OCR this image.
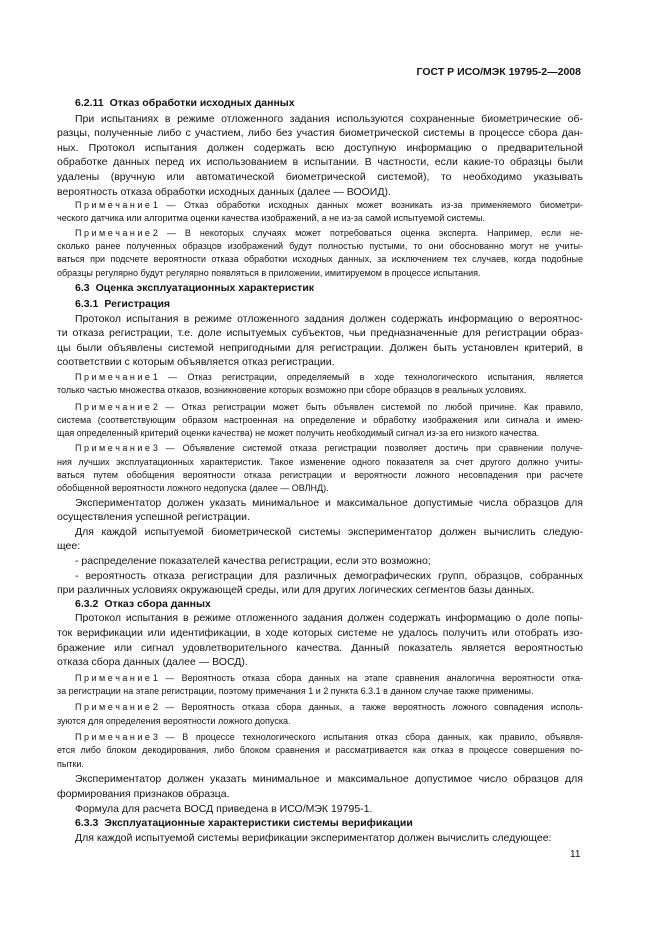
ГОСТ Р ИСО/МЭК 19795-2—2008
6.2.11 Отказ обработки исходных данных
При испытаниях в режиме отложенного задания используются сохраненные биометрические об-
разцы, полученные либо с участием, либо без участия биометрической системы в процессе сбора дан-
ных. Протокол испытания должен содержать всю доступную информацию о предварительной
обработке данных перед их использованием в испытании. В частности, если какие-то образцы были
удалены (вручную или автоматической биометрической системой), то необходимо указывать
вероятность отказа обработки исходных данных (далее — ВООИД).
П р и м е ч а н и е 1 — Отказ обработки исходных данных может возникать из-за применяемого биометри-
ческого датчика или алгоритма оценки качества изображений, а не из-за самой испытуемой системы.
П р и м е ч а н и е 2 — В некоторых случаях может потребоваться оценка эксперта. Например, если не-
сколько ранее полученных образцов изображений будут полностью пустыми, то они обоснованно могут не учиты-
ваться при подсчете вероятности отказа обработки исходных данных, за исключением тех случаев, когда подобные
образцы регулярно будут регулярно появляться в приложении, имитируемом в процессе испытания.
6.3 Оценка эксплуатационных характеристик
6.3.1 Регистрация
Протокол испытания в режиме отложенного задания должен содержать информацию о вероятнос-
ти отказа регистрации, т.е. доле испытуемых субъектов, чьи предназначенные для регистрации образ-
цы были объявлены системой непригодными для регистрации. Должен быть установлен критерий, в
соответствии с которым объявляется отказ регистрации.
П р и м е ч а н и е 1 — Отказ регистрации, определяемый в ходе технологического испытания, является
только частью множества отказов, возникновение которых возможно при сборе образцов в реальных условиях.
П р и м е ч а н и е 2 — Отказ регистрации может быть объявлен системой по любой причине. Как правило,
система (соответствующим образом настроенная на определение и обработку изображения или сигнала и имею-
щая определенный критерий оценки качества) не может получить необходимый сигнал из-за его низкого качества.
П р и м е ч а н и е 3 — Объявление системой отказа регистрации позволяет достичь при сравнении получе-
ния лучших эксплуатационных характеристик. Такое изменение одного показателя за счет другого должно учиты-
ваться путем обобщения вероятности отказа регистрации и вероятности ложного несовпадения при расчете
обобщенной вероятности ложного недопуска (далее — ОВЛНД).
Экспериментатор должен указать минимальное и максимальное допустимые числа образцов для
осуществления успешной регистрации.
Для каждой испытуемой биометрической системы экспериментатор должен вычислить следую-
щее:
- распределение показателей качества регистрации, если это возможно;
- вероятность отказа регистрации для различных демографических групп, образцов, собранных
при различных условиях окружающей среды, или для других логических сегментов базы данных.
6.3.2 Отказ сбора данных
Протокол испытания в режиме отложенного задания должен содержать информацию о доле попы-
ток верификации или идентификации, в ходе которых системе не удалось получить или отобрать изо-
бражение или сигнал удовлетворительного качества. Данный показатель является вероятностью
отказа сбора данных (далее — ВОСД).
П р и м е ч а н и е 1 — Вероятность отказа сбора данных на этапе сравнения аналогична вероятности отка-
за регистрации на этапе регистрации, поэтому примечания 1 и 2 пункта 6.3.1 в данном случае также применимы.
П р и м е ч а н и е 2 — Вероятность отказа сбора данных, а также вероятность ложного совпадения исполь-
зуются для определения вероятности ложного допуска.
П р и м е ч а н и е 3 — В процессе технологического испытания отказ сбора данных, как правило, объявля-
ется либо блоком декодирования, либо блоком сравнения и рассматривается как отказ в процессе совершения по-
пытки.
Экспериментатор должен указать минимальное и максимальное допустимое число образцов для
формирования признаков образца.
Формула для расчета ВОСД приведена в ИСО/МЭК 19795-1.
6.3.3 Эксплуатационные характеристики системы верификации
Для каждой испытуемой системы верификации экспериментатор должен вычислить следующее:
11
